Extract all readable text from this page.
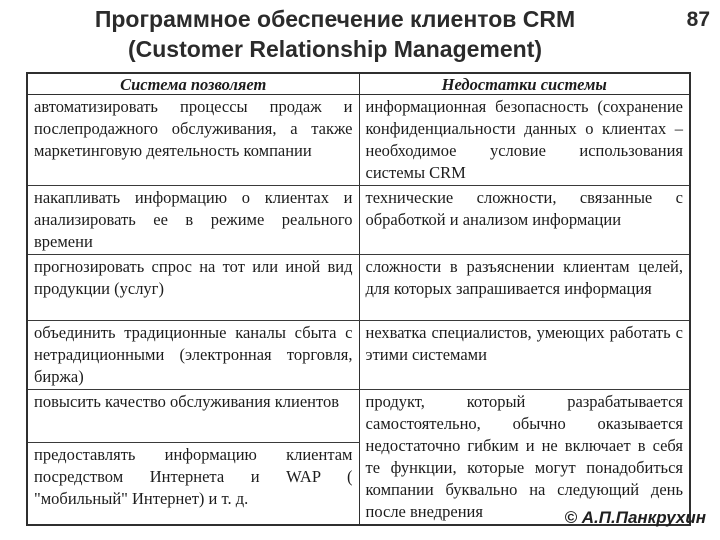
Программное обеспечение клиентов CRM
(Customer Relationship Management)
87
Система позволяет	Недостатки системы
автоматизировать процессы продаж и послепродажного обслуживания, а также маркетинговую деятельность компании	информационная безопасность (сохранение конфиденциальности данных о клиентах – необходимое условие использования системы CRM
накапливать информацию о клиентах и анализировать ее в режиме реального времени	технические сложности, связанные с обработкой и анализом информации
прогнозировать спрос на тот или иной вид продукции (услуг)	сложности в разъяснении клиентам целей, для которых запрашивается информация
объединить традиционные каналы сбыта с нетрадиционными (электронная торговля, биржа)	нехватка специалистов, умеющих работать с этими системами
повысить качество обслуживания клиентов	продукт, который разрабатывается самостоятельно, обычно оказывается недостаточно гибким и не включает в себя те функции, которые могут понадобиться компании буквально на следующий день после внедрения
предоставлять информацию клиентам посредством Интернета и WAP ( "мобильный" Интернет) и т. д.	
© А.П.Панкрухин
